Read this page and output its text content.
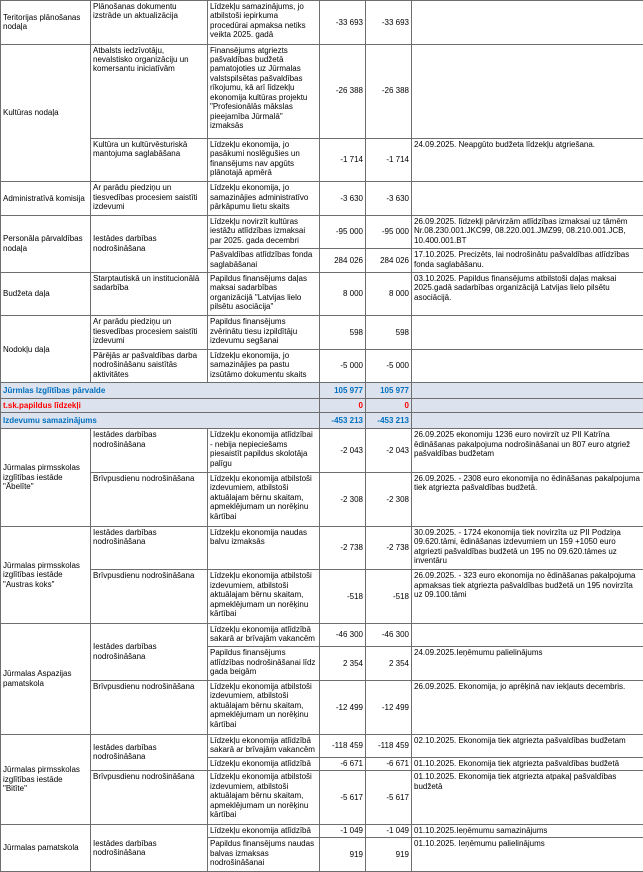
Teritorijas plānošanas nodaļa	Plānošanas dokumentu izstrāde un aktualizācija	Līdzekļu samazinājums, jo atbilstoši iepirkuma procedūrai apmaksa netiks veikta 2025. gadā	-33 693	-33 693	
Kultūras nodaļa	Atbalsts iedzīvotāju, nevalstisko organizāciju un komersantu iniciatīvām	Finansējums atgriezts pašvaldības budžetā pamatojoties uz Jūrmalas valstspilsētas pašvaldības rīkojumu, kā arī līdzekļu ekonomija kultūras projektu "Profesionālās mākslas pieejamība Jūrmalā" izmaksās	-26 388	-26 388	
	Kultūra un kultūrvēsturiskā mantojuma saglabāšana	Līdzekļu ekonomija, jo pasākumi noslēgušies un finansējums nav apgūts plānotajā apmērā	-1 714	-1 714	24.09.2025. Neapgūto budžeta līdzekļu atgriešana.
Administratīvā komisija	Ar parādu piedziņu un tiesvedības procesiem saistīti izdevumi	Līdzekļu ekonomija, jo samazinājies administratīvo pārkāpumu lietu skaits	-3 630	-3 630	
Personāla pārvaldības nodaļa	Iestādes darbības nodrošināšana	Līdzekļu novirzīt kultūras iestāžu atlīdzības izmaksai par 2025. gada decembri	-95 000	-95 000	26.09.2025. līdzekļi pārvirzām atlīdzības izmaksai uz tāmēm Nr.08.230.001.JKC99, 08.220.001.JMZ99, 08.210.001.JCB, 10.400.001.BT
		Pašvaldības atlīdzības fonda saglabāšanai	284 026	284 026	17.10.2025. Precizēts, lai nodrošinātu pašvaldības atlīdzības fonda saglabāšanu.
Budžeta daļa	Starptautiskā un institucionālā sadarbība	Papildus finansējums daļas maksai sadarbības organizācijā "Latvijas lielo pilsētu asociācija"	8 000	8 000	03.10.2025. Papildus finansējums atbilstoši daļas maksai 2025.gadā sadarbības organizācijā Latvijas lielo pilsētu asociācijā.
Nodokļu daļa	Ar parādu piedziņu un tiesvedības procesiem saistīti izdevumi	Papildus finansējums zvērinātu tiesu izpildītāju izdevumu segšanai	598	598	
	Pārējās ar pašvaldības darba nodrošināšanu saistītās aktivitātes	Līdzekļu ekonomija, jo samazinājies pa pastu izsūtāmo dokumentu skaits	-5 000	-5 000	
Jūrmlas Izglītības pārvalde			105 977	105 977	
t.sk.papildus līdzekļi			0	0	
Izdevumu samazinājums			-453 213	-453 213	
Jūrmalas pirmsskolas izglītības iestāde "Ābelīte"	Iestādes darbības nodrošināšana	Līdzekļu ekonomija atlīdzībai - nebija nepieciešams piesaistīt papildus skolotāja palīgu	-2 043	-2 043	26.09.2025 ekonomiju 1236 euro novirzīt uz PII Katrīna ēdināšanas pakalpojuma nodrošināšanai un 807 euro atgriež pašvaldības budžetam
	Brīvpusdienu nodrošināšana	Līdzekļu ekonomija atbilstoši izdevumiem, atbilstoši aktuālajam bērnu skaitam, apmeklējumam un norēķinu kārtībai	-2 308	-2 308	26.09.2025. - 2308 euro ekonomija no ēdināšanas pakalpojuma tiek atgriezta pašvaldības budžetā.
Jūrmalas pirmsskolas izglītības iestāde "Austras koks"	Iestādes darbības nodrošināšana	Līdzekļu ekonomija naudas balvu izmaksās	-2 738	-2 738	30.09.2025. - 1724 ekonomija tiek novirzīta uz PII Podziņa 09.620.tāmi, ēdināšanas izdevumiem un 159 +1050 euro atgriezti pašvaldības budžetā un 195 no 09.620.tāmes uz inventāru
	Brīvpusdienu nodrošināšana	Līdzekļu ekonomija atbilstoši izdevumiem, atbilstoši aktuālajam bērnu skaitam, apmeklējumam un norēķinu kārtībai	-518	-518	26.09.2025. - 323 euro ekonomija no ēdināšanas pakalpojuma apmaksas tiek atgriezta pašvaldības budžetā un 195 novirzīta uz 09.100.tāmi
Jūrmalas Aspazijas pamatskola	Iestādes darbības nodrošināšana	Līdzekļu ekonomija atlīdzībā sakarā ar brīvajām vakancēm	-46 300	-46 300	
		Papildus finansējums atlīdzības nodrošināšanai līdz gada beigām	2 354	2 354	24.09.2025.Ieņēmumu palielinājums
	Brīvpusdienu nodrošināšana	Līdzekļu ekonomija atbilstoši izdevumiem, atbilstoši aktuālajam bērnu skaitam, apmeklējumam un norēķinu kārtībai	-12 499	-12 499	26.09.2025. Ekonomija, jo aprēķinā nav iekļauts decembris.
Jūrmalas pirmsskolas izglītības iestāde "Bitīte"	Iestādes darbības nodrošināšana	Līdzekļu ekonomija atlīdzībā sakarā ar brīvajām vakancēm	-118 459	-118 459	02.10.2025. Ekonomija tiek atgriezta pašvaldības budžetam
		Līdzekļu ekonomija atlīdzībā	-6 671	-6 671	01.10.2025. Ekonomija tiek atgriezta pašvaldības budžetā
	Brīvpusdienu nodrošināšana	Līdzekļu ekonomija atbilstoši izdevumiem, atbilstoši aktuālajam bērnu skaitam, apmeklējumam un norēķinu kārtībai	-5 617	-5 617	01.10.2025. Ekonomija tiek atgriezta atpakaļ pašvaldības budžetā
Jūrmalas pamatskola	Iestādes darbības nodrošināšana	Līdzekļu ekonomija atlīdzībā	-1 049	-1 049	01.10.2025.Ieņēmumu samazinājums
		Papildus finansējums naudas balvas izmaksas nodrošināšanai	919	919	01.10.2025. Ieņēmumu palielinājums
